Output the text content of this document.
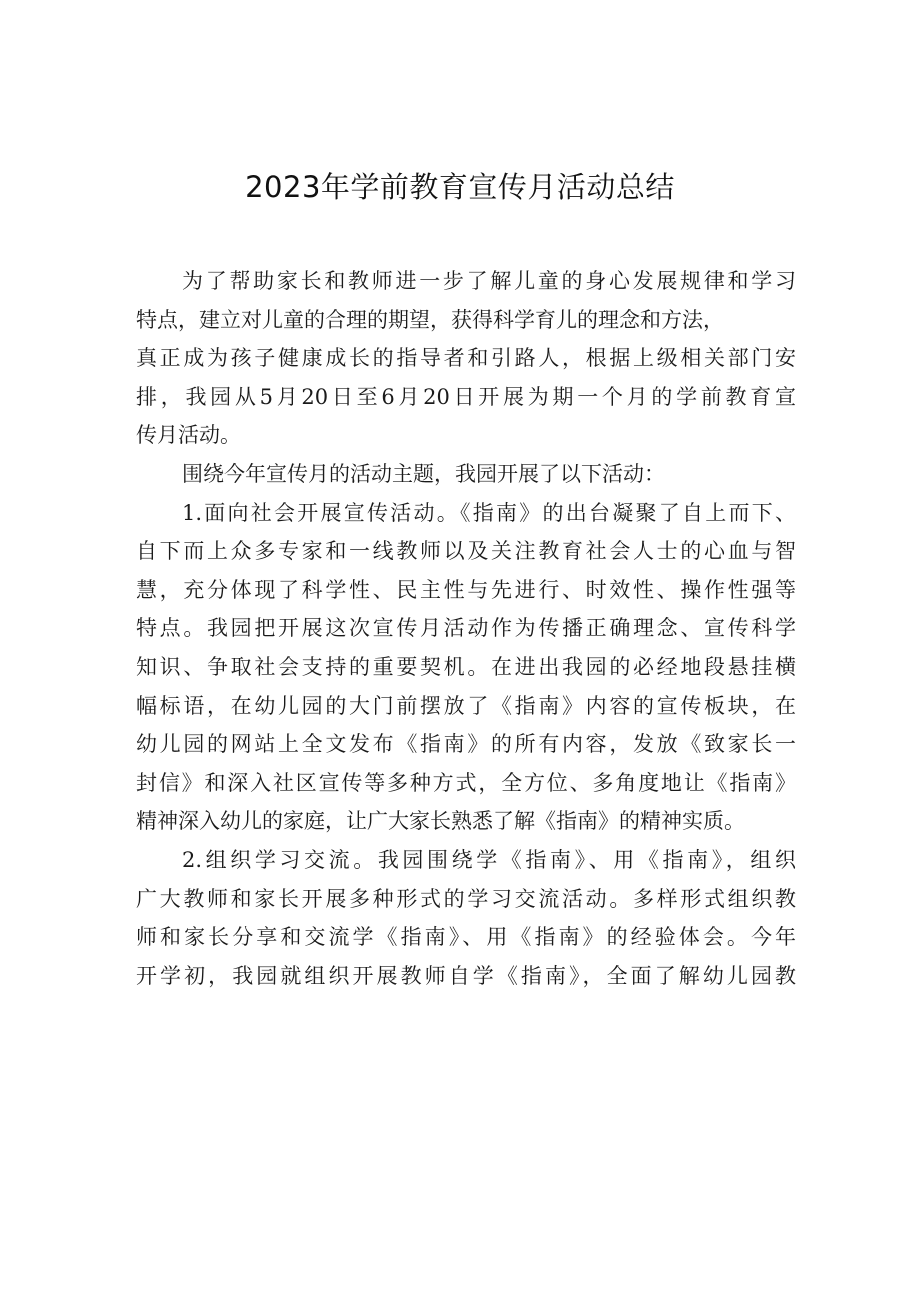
2023年学前教育宣传月活动总结
为了帮助家长和教师进一步了解儿童的身心发展规律和学习
特点，建立对儿童的合理的期望，获得科学育儿的理念和方法，
真正成为孩子健康成长的指导者和引路人，根据上级相关部门安
排，我园从5月20日至6月20日开展为期一个月的学前教育宣
传月活动。
围绕今年宣传月的活动主题，我园开展了以下活动：
1.面向社会开展宣传活动。《指南》的出台凝聚了自上而下、
自下而上众多专家和一线教师以及关注教育社会人士的心血与智
慧，充分体现了科学性、民主性与先进行、时效性、操作性强等
特点。我园把开展这次宣传月活动作为传播正确理念、宣传科学
知识、争取社会支持的重要契机。在进出我园的必经地段悬挂横
幅标语，在幼儿园的大门前摆放了《指南》内容的宣传板块，在
幼儿园的网站上全文发布《指南》的所有内容，发放《致家长一
封信》和深入社区宣传等多种方式，全方位、多角度地让《指南》
精神深入幼儿的家庭，让广大家长熟悉了解《指南》的精神实质。
2.组织学习交流。我园围绕学《指南》、用《指南》，组织
广大教师和家长开展多种形式的学习交流活动。多样形式组织教
师和家长分享和交流学《指南》、用《指南》的经验体会。今年
开学初，我园就组织开展教师自学《指南》，全面了解幼儿园教
